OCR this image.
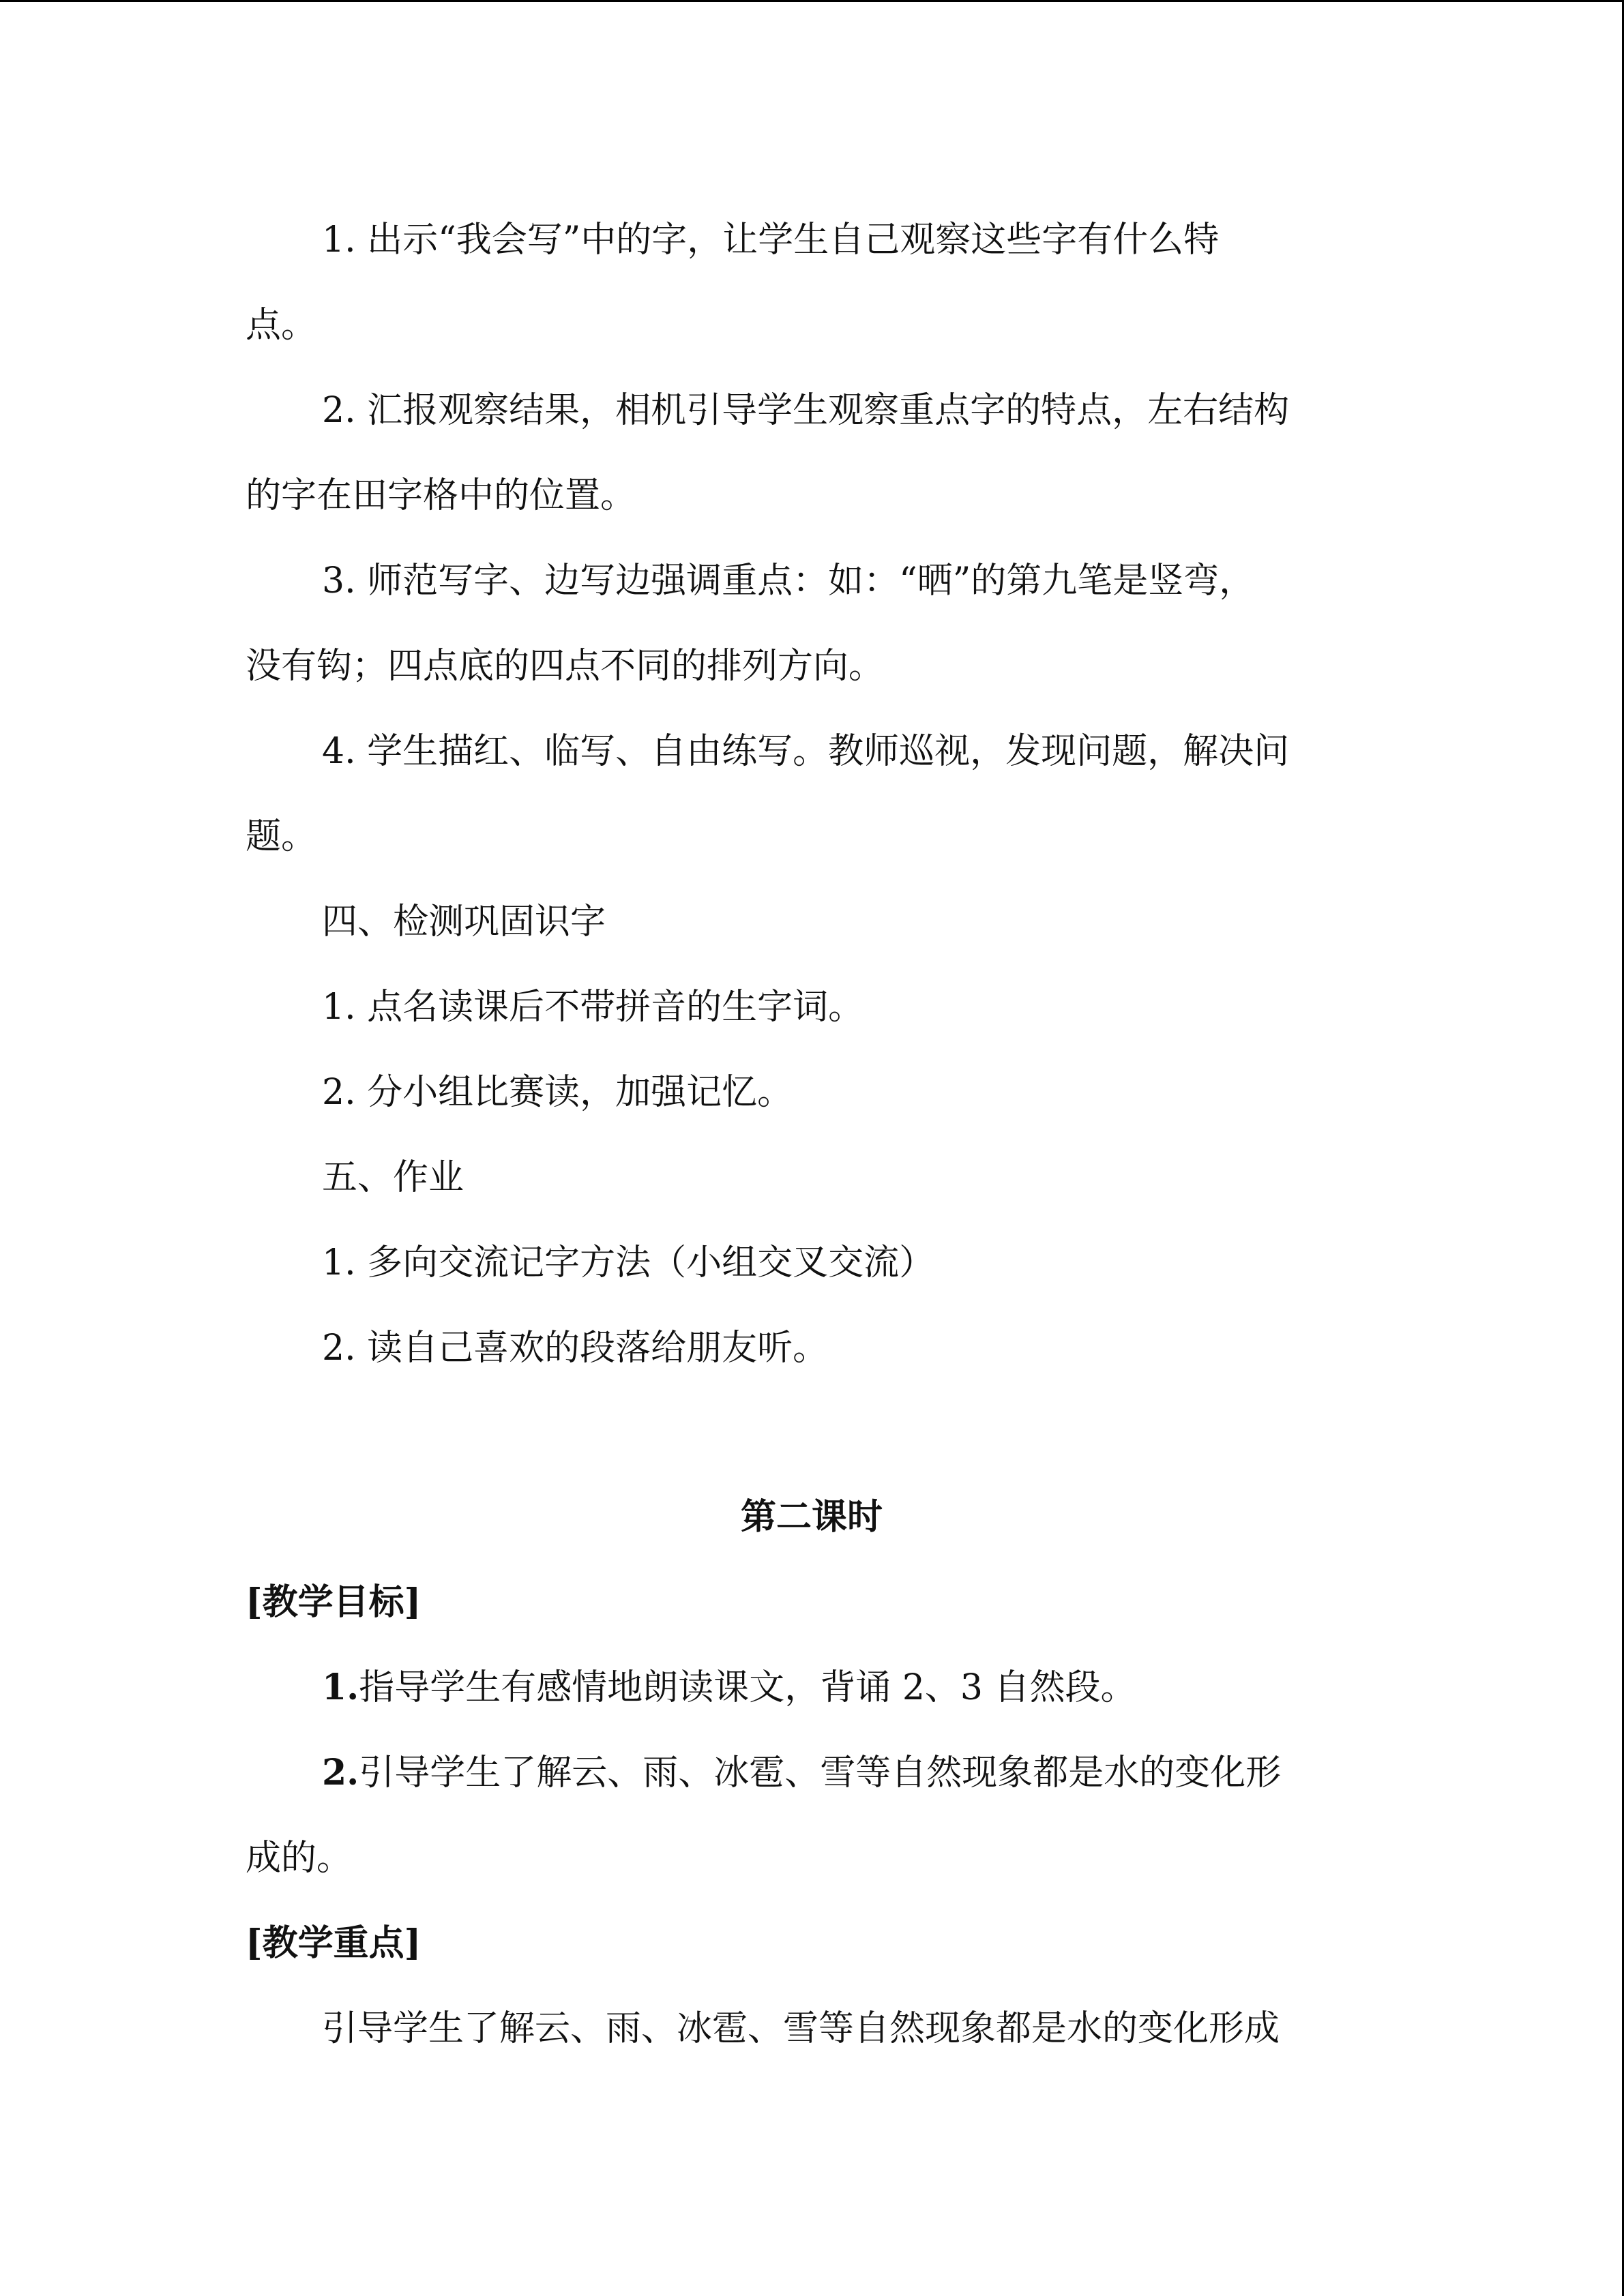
1. 出示“我会写”中的字，让学生自己观察这些字有什么特
点。
2. 汇报观察结果，相机引导学生观察重点字的特点，左右结构
的字在田字格中的位置。
3. 师范写字、边写边强调重点：如：“晒”的第九笔是竖弯，
没有钩；四点底的四点不同的排列方向。
4. 学生描红、临写、自由练写。教师巡视，发现问题，解决问
题。
四、检测巩固识字
1. 点名读课后不带拼音的生字词。
2. 分小组比赛读，加强记忆。
五、作业
1. 多向交流记字方法（小组交叉交流）
2. 读自己喜欢的段落给朋友听。
第二课时
[教学目标]
1.指导学生有感情地朗读课文，背诵 2、3 自然段。
2.引导学生了解云、雨、冰雹、雪等自然现象都是水的变化形
成的。
[教学重点]
引导学生了解云、雨、冰雹、雪等自然现象都是水的变化形成
